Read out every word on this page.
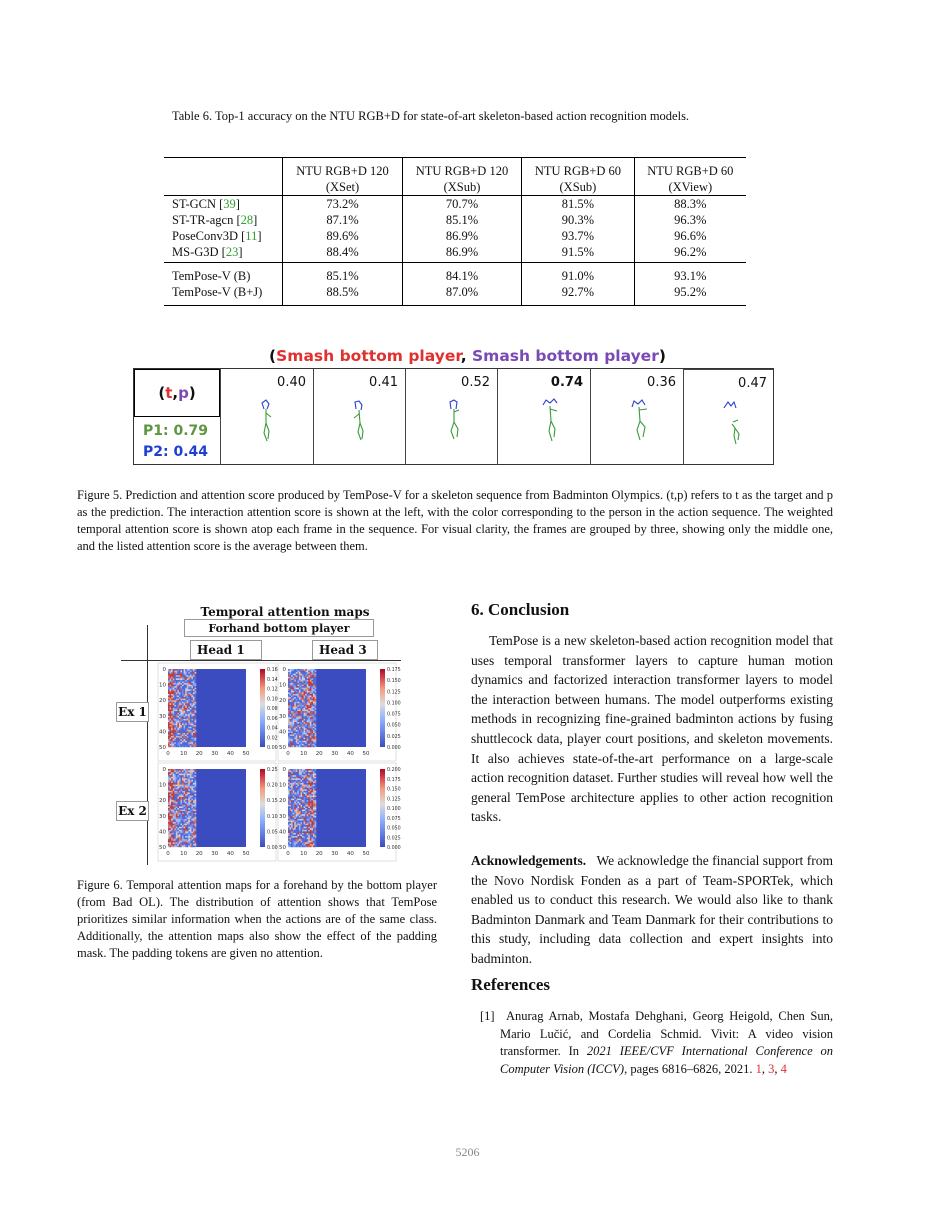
Table 6. Top-1 accuracy on the NTU RGB+D for state-of-art skeleton-based action recognition models.
	NTU RGB+D 120	NTU RGB+D 120	NTU RGB+D 60	NTU RGB+D 60
	(XSet)	(XSub)	(XSub)	(XView)
ST-GCN [39]	73.2%	70.7%	81.5%	88.3%
ST-TR-agcn [28]	87.1%	85.1%	90.3%	96.3%
PoseConv3D [11]	89.6%	86.9%	93.7%	96.6%
MS-G3D [23]	88.4%	86.9%	91.5%	96.2%
TemPose-V (B)	85.1%	84.1%	91.0%	93.1%
TemPose-V (B+J)	88.5%	87.0%	92.7%	95.2%
(Smash bottom player, Smash bottom player)
(t,p)
P1: 0.79
P2: 0.44
0.40	0.41	0.52	0.74	0.36	0.47
Figure 5. Prediction and attention score produced by TemPose-V for a skeleton sequence from Badminton Olympics. (t,p) refers to t as the target and p as the prediction. The interaction attention score is shown at the left, with the color corresponding to the person in the action sequence. The weighted temporal attention score is shown atop each frame in the sequence. For visual clarity, the frames are grouped by three, showing only the middle one, and the listed attention score is the average between them.
Temporal attention maps
Forhand bottom player
Head 1	Head 3
Ex 1
Ex 2
0 10 20 30 40 50
0
10
20
30
40
50
0.16
0.14
0.12
0.10
0.08
0.06
0.04
0.02
0.00
0 10 20 30 40 50
0
10
20
30
40
50
0.175
0.150
0.125
0.100
0.075
0.050
0.025
0.000
0 10 20 30 40 50
0
10
20
30
40
50
0.25
0.20
0.15
0.10
0.05
0.00
0 10 20 30 40 50
0
10
20
30
40
50
0.200
0.175
0.150
0.125
0.100
0.075
0.050
0.025
0.000
Figure 6. Temporal attention maps for a forehand by the bottom player (from Bad OL). The distribution of attention shows that TemPose prioritizes similar information when the actions are of the same class. Additionally, the attention maps also show the effect of the padding mask. The padding tokens are given no attention.
6. Conclusion
TemPose is a new skeleton-based action recognition model that uses temporal transformer layers to capture human motion dynamics and factorized interaction transformer layers to model the interaction between humans. The model outperforms existing methods in recognizing fine-grained badminton actions by fusing shuttlecock data, player court positions, and skeleton movements. It also achieves state-of-the-art performance on a large-scale action recognition dataset. Further studies will reveal how well the general TemPose architecture applies to other action recognition tasks.
Acknowledgements. We acknowledge the financial support from the Novo Nordisk Fonden as a part of Team-SPORTek, which enabled us to conduct this research. We would also like to thank Badminton Danmark and Team Danmark for their contributions to this study, including data collection and expert insights into badminton.
References
[1] Anurag Arnab, Mostafa Dehghani, Georg Heigold, Chen Sun, Mario Lučić, and Cordelia Schmid. Vivit: A video vision transformer. In 2021 IEEE/CVF International Conference on Computer Vision (ICCV), pages 6816–6826, 2021. 1, 3, 4
5206
